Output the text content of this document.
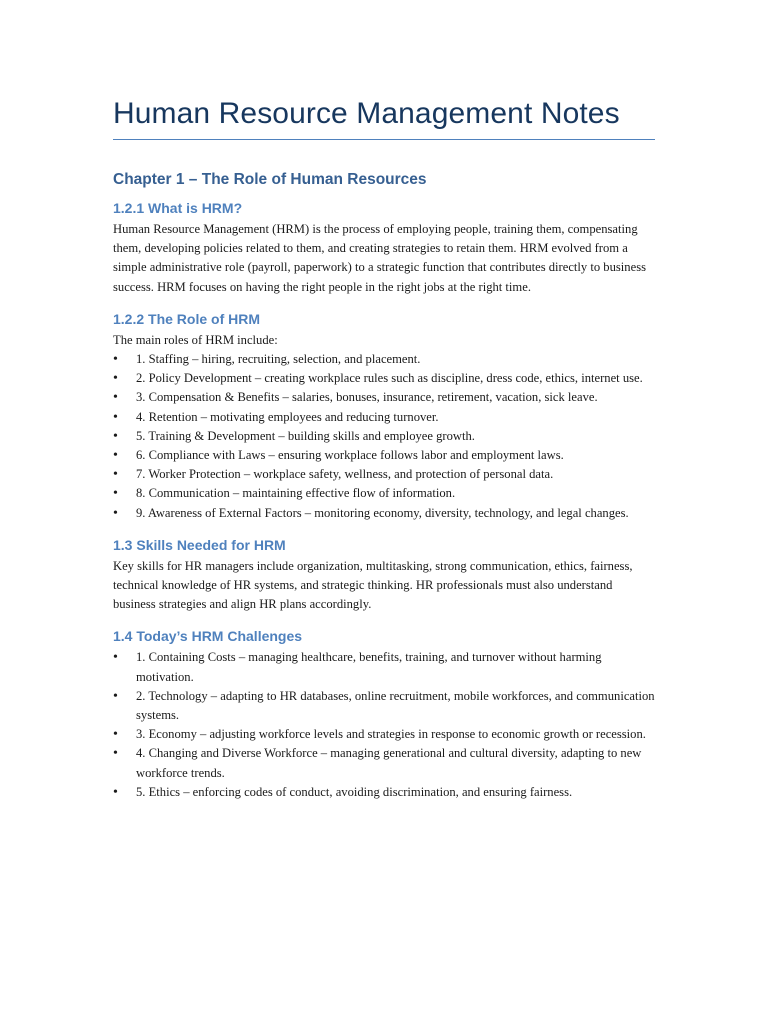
Human Resource Management Notes
Chapter 1 – The Role of Human Resources
1.2.1 What is HRM?

Human Resource Management (HRM) is the process of employing people, training them, compensating them, developing policies related to them, and creating strategies to retain them. HRM evolved from a simple administrative role (payroll, paperwork) to a strategic function that contributes directly to business success. HRM focuses on having the right people in the right jobs at the right time.

1.2.2 The Role of HRM

The main roles of HRM include:

• 1. Staffing – hiring, recruiting, selection, and placement.
• 2. Policy Development – creating workplace rules such as discipline, dress code, ethics, internet use.
• 3. Compensation & Benefits – salaries, bonuses, insurance, retirement, vacation, sick leave.
• 4. Retention – motivating employees and reducing turnover.
• 5. Training & Development – building skills and employee growth.
• 6. Compliance with Laws – ensuring workplace follows labor and employment laws.
• 7. Worker Protection – workplace safety, wellness, and protection of personal data.
• 8. Communication – maintaining effective flow of information.
• 9. Awareness of External Factors – monitoring economy, diversity, technology, and legal changes.
1.3 Skills Needed for HRM

Key skills for HR managers include organization, multitasking, strong communication, ethics, fairness, technical knowledge of HR systems, and strategic thinking. HR professionals must also understand business strategies and align HR plans accordingly.

1.4 Today’s HRM Challenges
• 1. Containing Costs – managing healthcare, benefits, training, and turnover without harming motivation.
• 2. Technology – adapting to HR databases, online recruitment, mobile workforces, and communication systems.
• 3. Economy – adjusting workforce levels and strategies in response to economic growth or recession.
• 4. Changing and Diverse Workforce – managing generational and cultural diversity, adapting to new workforce trends.
• 5. Ethics – enforcing codes of conduct, avoiding discrimination, and ensuring fairness.
